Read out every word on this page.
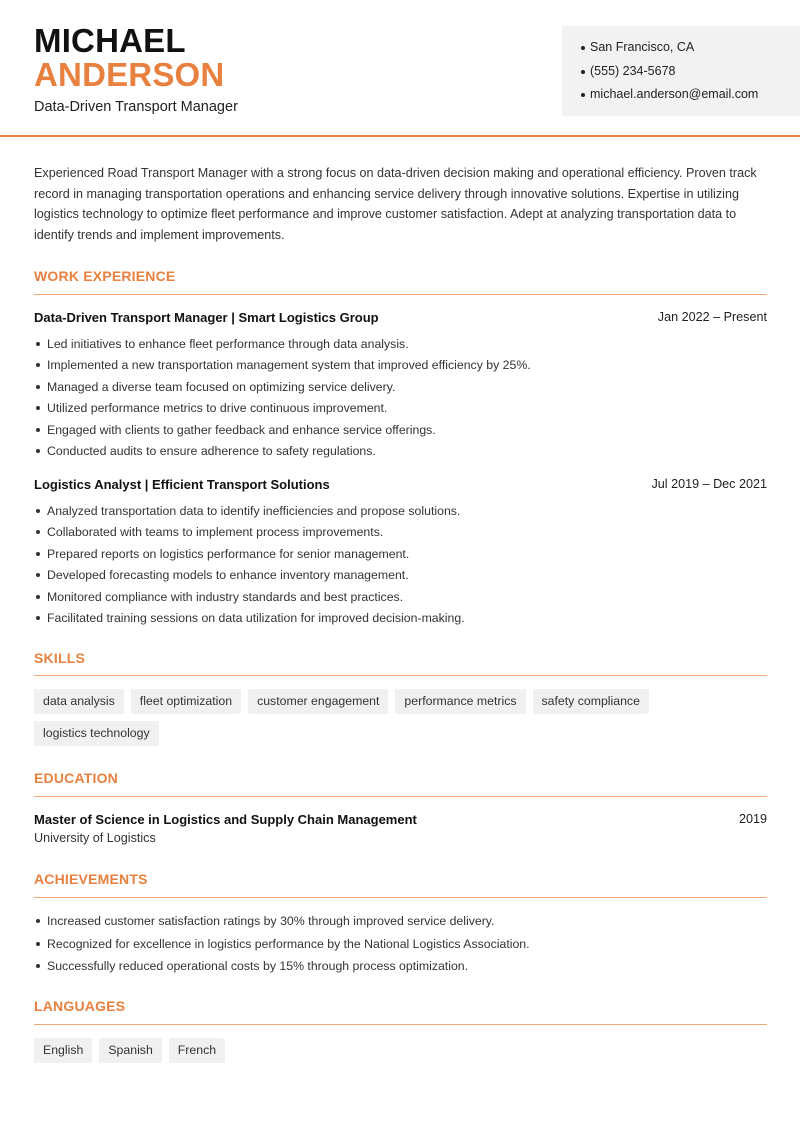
MICHAEL
ANDERSON
Data-Driven Transport Manager
San Francisco, CA
(555) 234-5678
michael.anderson@email.com

Experienced Road Transport Manager with a strong focus on data-driven decision making and operational efficiency. Proven track record in managing transportation operations and enhancing service delivery through innovative solutions. Expertise in utilizing logistics technology to optimize fleet performance and improve customer satisfaction. Adept at analyzing transportation data to identify trends and implement improvements.

WORK EXPERIENCE
Data-Driven Transport Manager | Smart Logistics Group	Jan 2022 – Present
Led initiatives to enhance fleet performance through data analysis.
Implemented a new transportation management system that improved efficiency by 25%.
Managed a diverse team focused on optimizing service delivery.
Utilized performance metrics to drive continuous improvement.
Engaged with clients to gather feedback and enhance service offerings.
Conducted audits to ensure adherence to safety regulations.
Logistics Analyst | Efficient Transport Solutions	Jul 2019 – Dec 2021
Analyzed transportation data to identify inefficiencies and propose solutions.
Collaborated with teams to implement process improvements.
Prepared reports on logistics performance for senior management.
Developed forecasting models to enhance inventory management.
Monitored compliance with industry standards and best practices.
Facilitated training sessions on data utilization for improved decision-making.
SKILLS
data analysis	fleet optimization	customer engagement	performance metrics	safety compliance
logistics technology
EDUCATION
Master of Science in Logistics and Supply Chain Management	2019
University of Logistics
ACHIEVEMENTS
Increased customer satisfaction ratings by 30% through improved service delivery.
Recognized for excellence in logistics performance by the National Logistics Association.
Successfully reduced operational costs by 15% through process optimization.
LANGUAGES
English	Spanish	French
